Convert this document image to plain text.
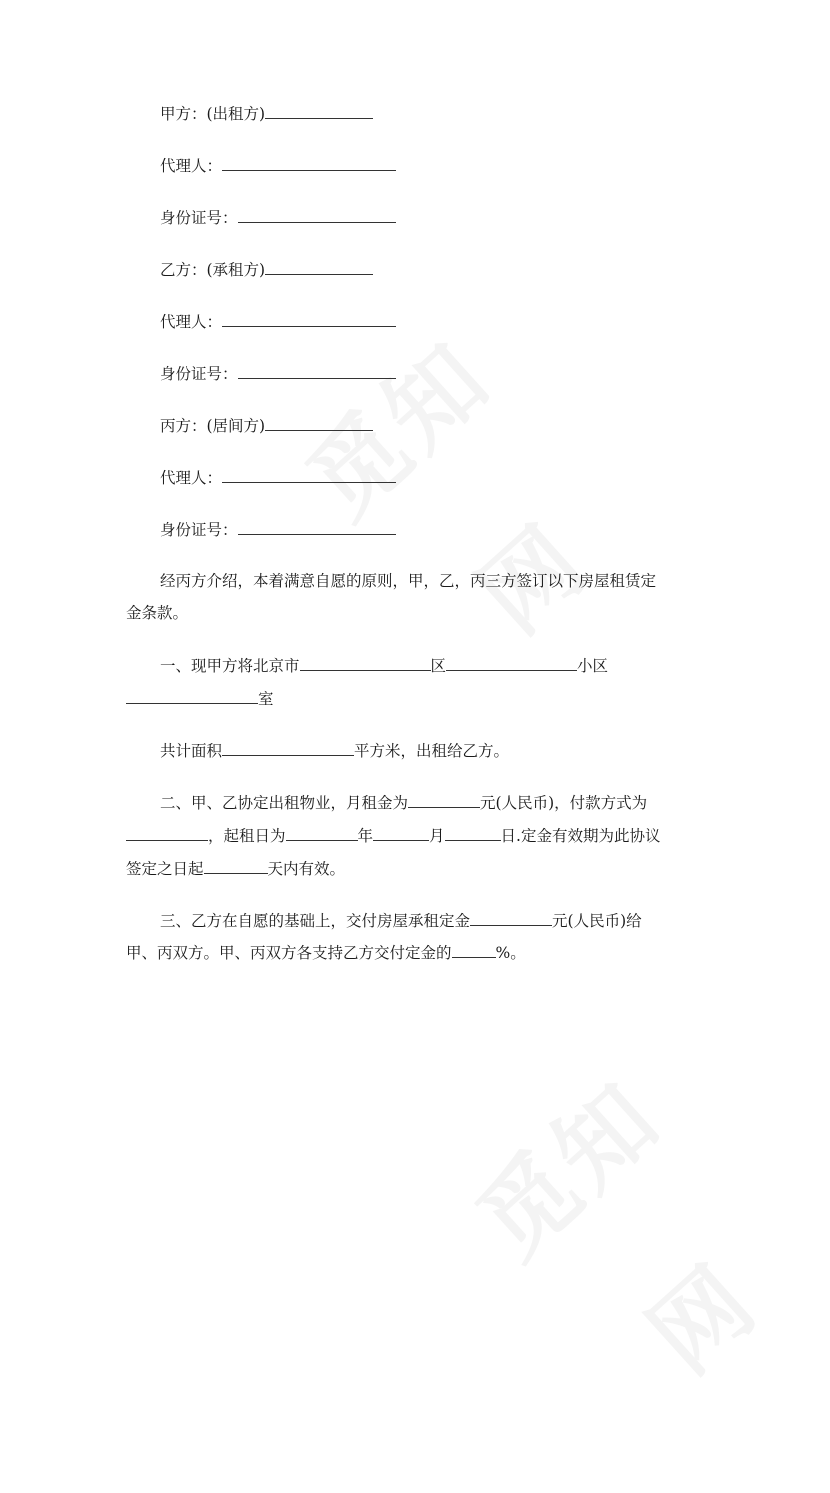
甲方：(出租方)
代理人：
身份证号：
乙方：(承租方)
代理人：
身份证号：
丙方：(居间方)
代理人：
身份证号：
经丙方介绍，本着满意自愿的原则，甲，乙，丙三方签订以下房屋租赁定
金条款。
一、现甲方将北京市	区	小区
室
共计面积	平方米，出租给乙方。
二、甲、乙协定出租物业，月租金为	元(人民币)，付款方式为
，起租日为	年	月	日.定金有效期为此协议
签定之日起	天内有效。
三、乙方在自愿的基础上，交付房屋承租定金	元(人民币)给
甲、丙双方。甲、丙双方各支持乙方交付定金的	%。
